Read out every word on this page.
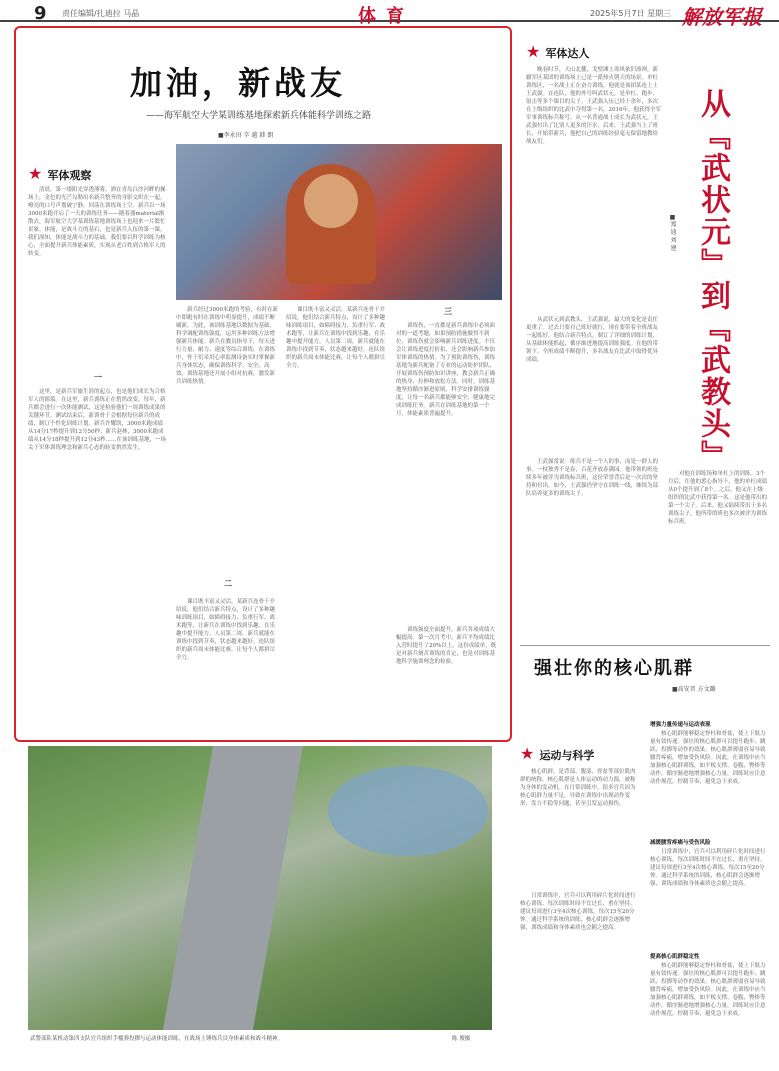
9 责任编辑/扎迪拉 马晶	体育	2025年5月7日 星期三 解放军报
加油，新战友
——海军航空大学某训练基地探索新兵体能科学训练之路
■李永田 辛 越 韩 朗
★ 军体观察
清晨，第一缕阳光穿透薄雾，洒在青岛白沙河畔的操场上，金色的光芒勾勒出名新兵整齐的身影交织在一起。嘹亮的口号声划破宁静，回荡在训练场上空。新兵以一场3000米跑开启了一天的训练任务——随着器material渐散去，海军航空大学某训练基地训练场上也迎来一片繁忙景象。体能，是战斗力的基石，也是新兵入伍的第一课。我们深知，体能是战斗力的基础。我们要以科学训练为核心，全面提升新兵体能素质，实现从老百姓到合格军人的转变。
一
这里，是新兵军旅生涯的起点，也是他们成长为合格军人的摇篮。在这里，新兵训练正在悄然改变。每年，新兵都会进行一次体能测试，这是检验他们一周训练成果的关键环节。测试结束后，新训骨干会根据每位新兵的成绩，制订个性化训练计划。新兵许耀凯，3000米跑成绩从14分17秒提升到12分50秒；新兵赵林，3000米跑成绩从14分18秒提升到12分43秒……在该训练基地，一场关于军体训练理念和新兵心态的转变悄然发生。
新兵经过3000米跑的考验，有时在新中即跑有时在训练中明显提升，成绩不断刷新。为此，该训练基地以数据为基础，科学调配训练强度，运用多种训练方法增强新兵体能。新兵在教员指导下，每天进行力量、耐力、速度等综合训练。在训练中，骨干们采用心率监测设备实时掌握新兵身体状态，确保训练科学、安全、高效。训练基地还开展小组对抗赛，激发新兵训练热情。
二
课目既丰富又灵活。某新兵连骨干介绍说，他们结合新兵特点，设计了多种趣味训练项目，如障碍接力、负重行军、战术跑等，让新兵在训练中找到乐趣，在乐趣中提升能力。人员第二周，新兵就能在训练中找到节奏，状态越来越好。连队组织的新兵周末体能比赛，让每个人都拼尽全力。
课目既丰富又灵活。某新兵连骨干介绍说，他们结合新兵特点，设计了多种趣味训练项目，如障碍接力、负重行军、战术跑等，让新兵在训练中找到乐趣，在乐趣中提升能力。人员第二周，新兵就能在训练中找到节奏，状态越来越好。连队组织的新兵周末体能比赛，让每个人都拼尽全力。
三
训练伤，一直都是新兵训练中必须面对的一道考题。如果预防措施做得不到位，训练伤就会影响新兵训练进度。不仅会让训练进度打折扣，还会影响新兵参加军体训练的热情。为了预防训练伤，训练基地为新兵配备了专业的运动防护团队，开展训练伤预防知识讲座，教会新兵正确的热身、拉伸和放松方法。同时，训练基地坚持循序渐进原则，科学安排训练强度，让每一名新兵都能够安全、健康地完成训练任务。新兵在训练基地的第一个月，体能素质普遍提升。
训练强度全面提升，新兵各项成绩大幅提高。第一次月考中，新兵平均成绩比入营时提升了20%以上。这份成绩单，既是对新兵刻苦训练的肯定，也是对训练基地科学施训理念的检验。
★ 军体达人
晚春时节，天山北麓，戈壁滩上寒风依旧凛冽。新疆军区某团的训练场上已是一派热火朝天的场景。单杠训练区，一名战士正在奋力训练，他就是该团某连上士王武强。在连队，他的外号叫武状元，是单杠、跑步、射击等多个课目的尖子。王武强入伍已经十余年，多次在上级组织的比武中夺得第一名。2016年，他获得全军军事训练标兵称号。从一名普通战士成长为武状元，王武强付出了比别人更多的汗水。后来，王武强当上了班长，开始带新兵，他把自己的训练经验毫无保留地教给战友们。
从武状元到武教头，王武强说，最大的变化是责任更重了。过去只要自己练好就行，现在要带着全班战友一起练好。他结合新兵特点，制订了详细的训练计划，从基础体能抓起，循序渐进地提高训练强度。在他的带领下，全班成绩不断提升，多名战友在比武中取得优异成绩。
王武强常说：练兵不是一个人的事，而是一群人的事。一枝独秀不是春，百花齐放春满园。他带领的班连续多年被评为训练标兵班，这份荣誉背后是一次次的坚持和付出。如今，王武强仍坚守在训练一线，继续为部队培养更多的训练尖子。
对他在训练场和单杠上的训练。3个月后，在他的悉心指导下，他的单杠成绩从0个提升到了8个。之后，他又在上级组织的比武中获得第一名。这是他带出的第一个尖子。后来，他又陆续带出十多名训练尖子，他所带的班也多次被评为训练标兵班。
从『武状元』到『武教头』
■郑 迪 刘 建
强壮你的核心肌群
■高安晋 方文璐
★ 运动与科学
核心肌群，是背部、腹部、骨盆等部位肌肉群的统称。核心肌群是人体运动的动力源，被称为身体的发动机。在日常训练中，很多官兵因为核心肌群力量不足，导致在训练中出现动作变形、发力不稳等问题，甚至引发运动损伤。
增强力量传递与运动表现
减缓腰背疼痛与受伤风险
日常训练中，官兵可以利用碎片化时间进行核心训练。每次训练时间不宜过长，重在坚持。建议每周进行3至4次核心训练，每次15至20分钟。通过科学系统的训练，核心肌群会逐渐增强，训练成绩和身体素质也会随之提高。
核心肌群能够稳定脊柱和骨盆，使上下肢力量有效传递。强壮的核心肌群可以提升跑步、跳跃、投掷等动作的效果。核心肌群薄弱容易导致腰背疼痛，增加受伤风险。因此，在训练中应当加强核心肌群训练，如平板支撑、卷腹、臀桥等动作，循序渐进地增强核心力量。训练时应注意动作规范，控制节奏，避免急于求成。
日常训练中，官兵可以利用碎片化时间进行核心训练。每次训练时间不宜过长，重在坚持。建议每周进行3至4次核心训练，每次15至20分钟。通过科学系统的训练，核心肌群会逐渐增强，训练成绩和身体素质也会随之提高。
提高核心肌群稳定性
核心肌群能够稳定脊柱和骨盆，使上下肢力量有效传递。强壮的核心肌群可以提升跑步、跳跃、投掷等动作的效果。核心肌群薄弱容易导致腰背疼痛，增加受伤风险。因此，在训练中应当加强核心肌群训练，如平板支撑、卷腹、臀桥等动作，循序渐进地增强核心力量。训练时应注意动作规范，控制节奏，避免急于求成。
武警部队某机动第四支队官兵组织手榴弹投掷与运动体能训练，在战场上锤炼兵员身体素质和战斗精神。	陈 俊摄
